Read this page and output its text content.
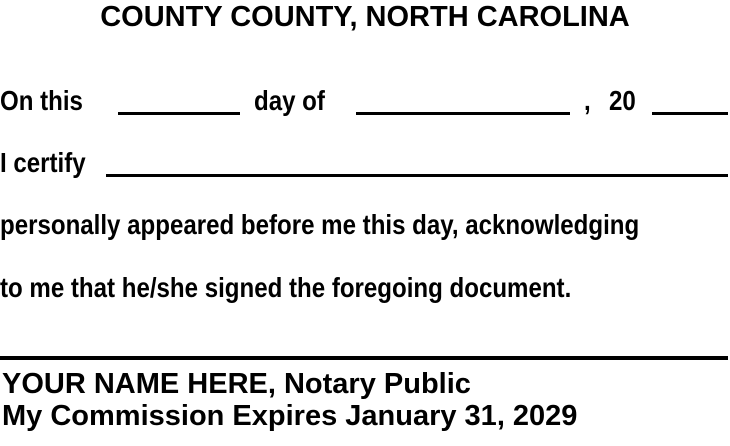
COUNTY COUNTY, NORTH CAROLINA
On this	day of	, 20
I certify
personally appeared before me this day, acknowledging
to me that he/she signed the foregoing document.
YOUR NAME HERE, Notary Public
My Commission Expires January 31, 2029
